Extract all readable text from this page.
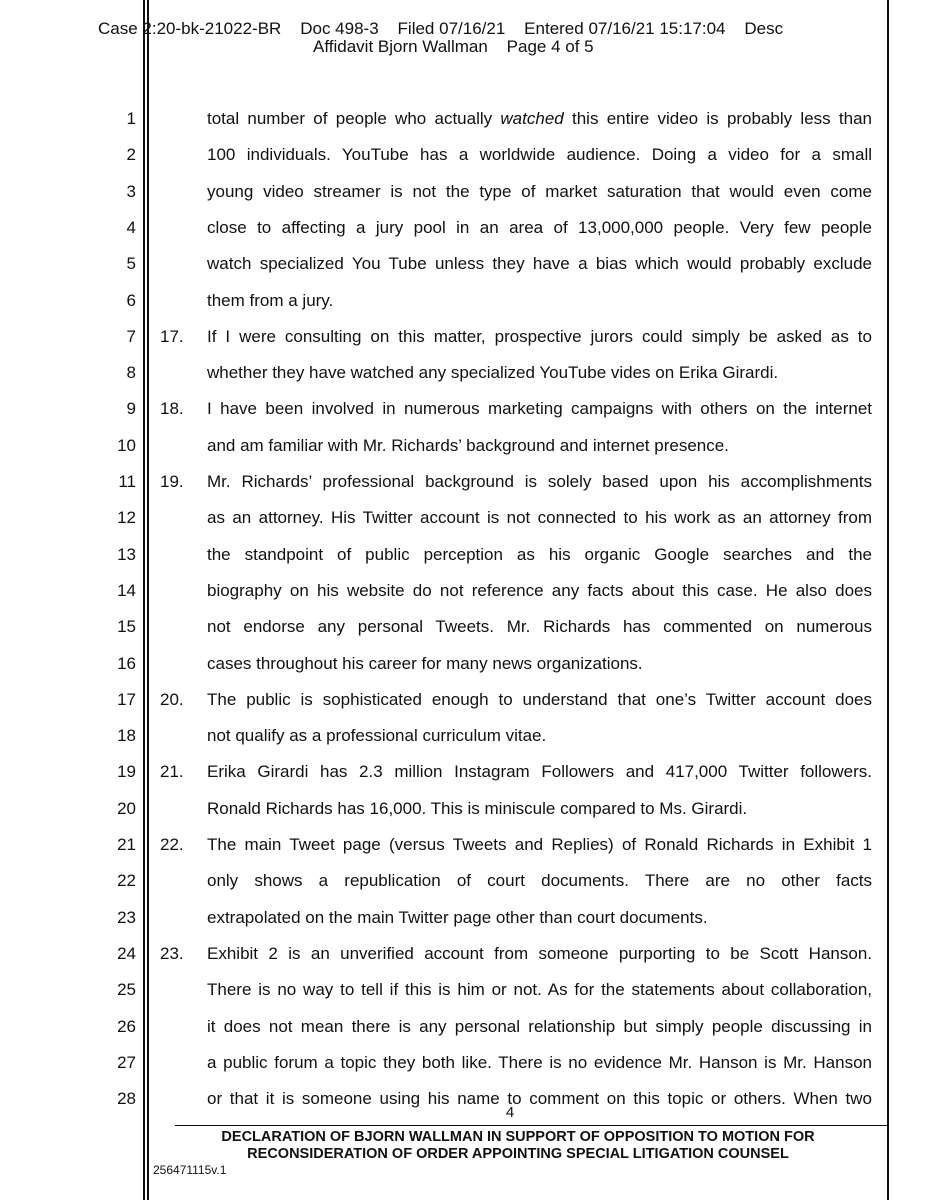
Case 2:20-bk-21022-BR    Doc 498-3    Filed 07/16/21    Entered 07/16/21 15:17:04    Desc
Affidavit Bjorn Wallman    Page 4 of 5
1	total number of people who actually watched this entire video is probably less than
2	100 individuals. YouTube has a worldwide audience. Doing a video for a small
3	young video streamer is not the type of market saturation that would even come
4	close to affecting a jury pool in an area of 13,000,000 people. Very few people
5	watch specialized You Tube unless they have a bias which would probably exclude
6	them from a jury.
7 17.	If I were consulting on this matter, prospective jurors could simply be asked as to
8	whether they have watched any specialized YouTube vides on Erika Girardi.
9 18.	I have been involved in numerous marketing campaigns with others on the internet
10	and am familiar with Mr. Richards’ background and internet presence.
11 19.	Mr. Richards’ professional background is solely based upon his accomplishments
12	as an attorney. His Twitter account is not connected to his work as an attorney from
13	the standpoint of public perception as his organic Google searches and the
14	biography on his website do not reference any facts about this case. He also does
15	not endorse any personal Tweets. Mr. Richards has commented on numerous
16	cases throughout his career for many news organizations.
17 20.	The public is sophisticated enough to understand that one’s Twitter account does
18	not qualify as a professional curriculum vitae.
19 21.	Erika Girardi has 2.3 million Instagram Followers and 417,000 Twitter followers.
20	Ronald Richards has 16,000. This is miniscule compared to Ms. Girardi.
21 22.	The main Tweet page (versus Tweets and Replies) of Ronald Richards in Exhibit 1
22	only shows a republication of court documents. There are no other facts
23	extrapolated on the main Twitter page other than court documents.
24 23.	Exhibit 2 is an unverified account from someone purporting to be Scott Hanson.
25	There is no way to tell if this is him or not. As for the statements about collaboration,
26	it does not mean there is any personal relationship but simply people discussing in
27	a public forum a topic they both like. There is no evidence Mr. Hanson is Mr. Hanson
28	or that it is someone using his name to comment on this topic or others. When two
4
DECLARATION OF BJORN WALLMAN IN SUPPORT OF OPPOSITION TO MOTION FOR
RECONSIDERATION OF ORDER APPOINTING SPECIAL LITIGATION COUNSEL
256471115v.1
